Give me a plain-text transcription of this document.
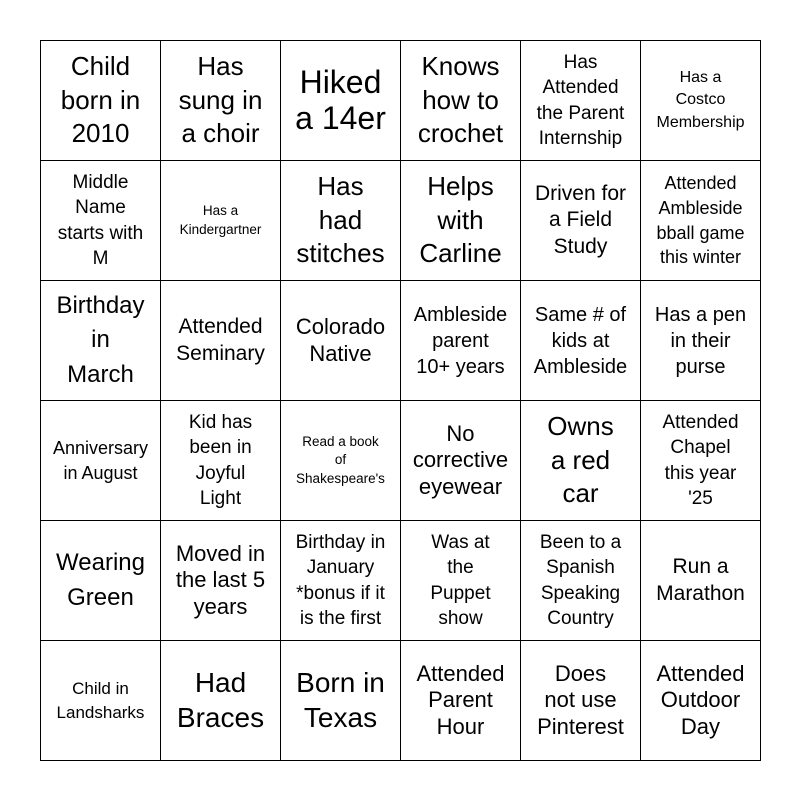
Child
born in
2010
Has
sung in
a choir
Hiked
a 14er
Knows
how to
crochet
Has
Attended
the Parent
Internship
Has a
Costco
Membership
Middle
Name
starts with
M
Has a
Kindergartner
Has
had
stitches
Helps
with
Carline
Driven for
a Field
Study
Attended
Ambleside
bball game
this winter
Birthday
in
March
Attended
Seminary
Colorado
Native
Ambleside
parent
10+ years
Same # of
kids at
Ambleside
Has a pen
in their
purse
Anniversary
in August
Kid has
been in
Joyful
Light
Read a book
of
Shakespeare's
No
corrective
eyewear
Owns
a red
car
Attended
Chapel
this year
'25
Wearing
Green
Moved in
the last 5
years
Birthday in
January
*bonus if it
is the first
Was at
the
Puppet
show
Been to a
Spanish
Speaking
Country
Run a
Marathon
Child in
Landsharks
Had
Braces
Born in
Texas
Attended
Parent
Hour
Does
not use
Pinterest
Attended
Outdoor
Day
